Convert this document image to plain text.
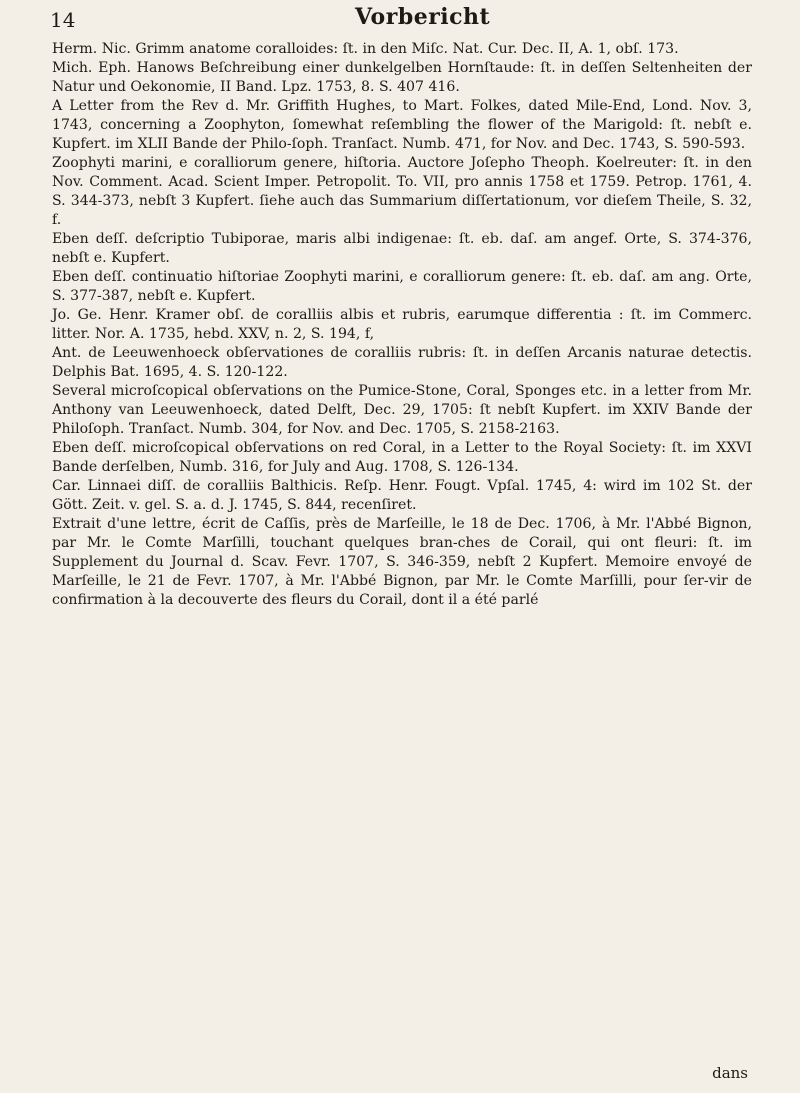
14	Vorbericht

Herm. Nic. Grimm anatome coralloides: ſt. in den Miſc. Nat. Cur. Dec. II, A. 1, obſ. 173.

Mich. Eph. Hanows Beſchreibung einer dunkelgelben Hornſtaude: ſt. in deſſen Seltenheiten der Natur und Oekonomie, II Band. Lpz. 1753, 8. S. 407 416.

A Letter from the Rev d. Mr. Griffith Hughes, to Mart. Folkes, dated Mile-End, Lond. Nov. 3, 1743, concerning a Zoophyton, ſomewhat reſembling the flower of the Marigold: ſt. nebſt e. Kupfert. im XLII Bande der Philo-ſoph. Tranſact. Numb. 471, for Nov. and Dec. 1743, S. 590-593.

Zoophyti marini, e coralliorum genere, hiſtoria. Auctore Joſepho Theoph. Koelreuter: ſt. in den Nov. Comment. Acad. Scient Imper. Petropolit. To. VII, pro annis 1758 et 1759. Petrop. 1761, 4. S. 344-373, nebſt 3 Kupfert. ſiehe auch das Summarium diſſertationum, vor dieſem Theile, S. 32, f.

Eben deſſ. deſcriptio Tubiporae, maris albi indigenae: ſt. eb. daſ. am angef. Orte, S. 374-376, nebſt e. Kupfert.

Eben deſſ. continuatio hiſtoriae Zoophyti marini, e coralliorum genere: ſt. eb. daſ. am ang. Orte, S. 377-387, nebſt e. Kupfert.

Jo. Ge. Henr. Kramer obſ. de coralliis albis et rubris, earumque differentia : ſt. im Commerc. litter. Nor. A. 1735, hebd. XXV, n. 2, S. 194, f,

Ant. de Leeuwenhoeck obſervationes de coralliis rubris: ſt. in deſſen Arcanis naturae detectis. Delphis Bat. 1695, 4. S. 120-122.

Several microſcopical obſervations on the Pumice-Stone, Coral, Sponges etc. in a letter from Mr. Anthony van Leeuwenhoeck, dated Delft, Dec. 29, 1705: ſt nebſt Kupfert. im XXIV Bande der Philoſoph. Tranſact. Numb. 304, for Nov. and Dec. 1705, S. 2158-2163.

Eben deſſ. microſcopical obſervations on red Coral, in a Letter to the Royal Society: ſt. im XXVI Bande derſelben, Numb. 316, for July and Aug. 1708, S. 126-134.

Car. Linnaei diſſ. de coralliis Balthicis. Reſp. Henr. Fougt. Vpſal. 1745, 4: wird im 102 St. der Gött. Zeit. v. gel. S. a. d. J. 1745, S. 844, recenſiret.

Extrait d'une lettre, écrit de Caſſis, près de Marſeille, le 18 de Dec. 1706, à Mr. l'Abbé Bignon, par Mr. le Comte Marſilli, touchant quelques bran-ches de Corail, qui ont fleuri: ſt. im Supplement du Journal d. Scav. Fevr. 1707, S. 346-359, nebſt 2 Kupfert. Memoire envoyé de Marſeille, le 21 de Fevr. 1707, à Mr. l'Abbé Bignon, par Mr. le Comte Marſilli, pour ſer-vir de confirmation à la decouverte des fleurs du Corail, dont il a été parlé

dans
